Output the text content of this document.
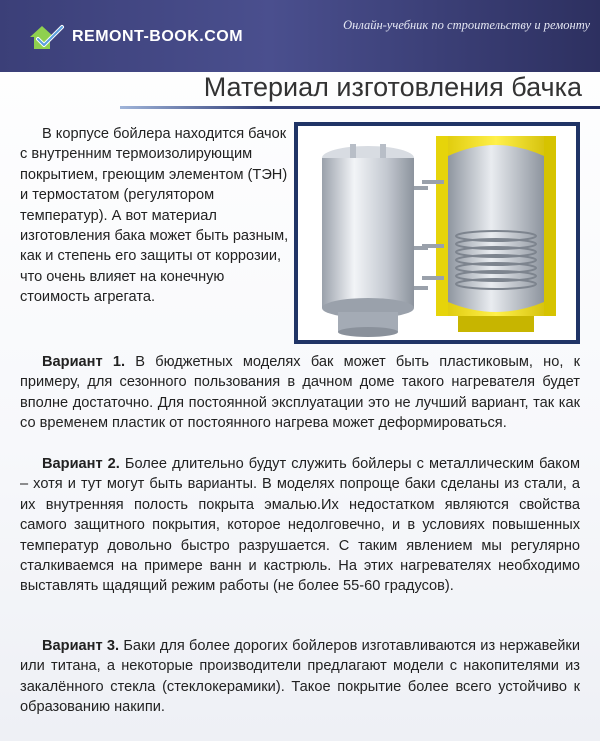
REMONT-BOOK.COM
Онлайн-учебник по строительству и ремонту
Материал изготовления бачка

В корпусе бойлера находится бачок с внутренним термоизолирующим покрытием, греющим элементом (ТЭН) и термостатом (регулятором температур). А вот материал изготовления бака может быть разным, как и степень его защиты от коррозии, что очень влияет на конечную стоимость агрегата.

Вариант 1. В бюджетных моделях бак может быть пластиковым, но, к примеру, для сезонного пользования в дачном доме такого нагревателя будет вполне достаточно. Для постоянной эксплуатации это не лучший вариант, так как со временем пластик от постоянного нагрева может деформироваться.

Вариант 2. Более длительно будут служить бойлеры с металлическим баком – хотя и тут могут быть варианты. В моделях попроще баки сделаны из стали, а их внутренняя полость покрыта эмалью.Их недостатком являются свойства самого защитного покрытия, которое недолговечно, и в условиях повышенных температур довольно быстро разрушается. С таким явлением мы регулярно сталкиваемся на примере ванн и кастрюль. На этих нагревателях необходимо выставлять щадящий режим работы (не более 55-60 градусов).

Вариант 3. Баки для более дорогих бойлеров изготавливаются из нержавейки или титана, а некоторые производители предлагают модели с накопителями из закалённого стекла (стеклокерамики). Такое покрытие более всего устойчиво к образованию накипи.
